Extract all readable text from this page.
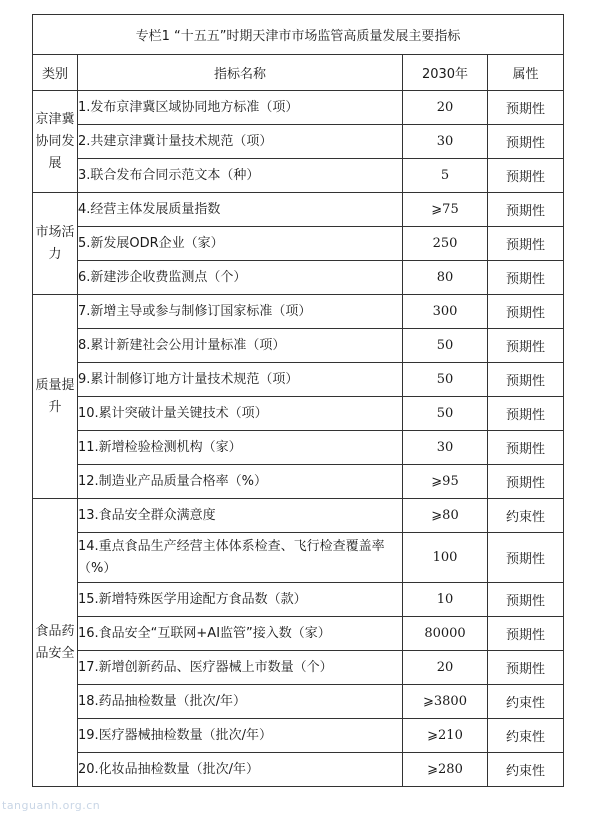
专栏1 “十五五”时期天津市市场监管高质量发展主要指标			
类别	指标名称	2030年	属性
京津冀协同发展	1.发布京津冀区域协同地方标准（项）	20	预期性
	2.共建京津冀计量技术规范（项）	30	预期性
	3.联合发布合同示范文本（种）	5	预期性
市场活力	4.经营主体发展质量指数	⩾75	预期性
	5.新发展ODR企业（家）	250	预期性
	6.新建涉企收费监测点（个）	80	预期性
质量提升	7.新增主导或参与制修订国家标准（项）	300	预期性
	8.累计新建社会公用计量标准（项）	50	预期性
	9.累计制修订地方计量技术规范（项）	50	预期性
	10.累计突破计量关键技术（项）	50	预期性
	11.新增检验检测机构（家）	30	预期性
	12.制造业产品质量合格率（%）	⩾95	预期性
食品药品安全	13.食品安全群众满意度	⩾80	约束性
	14.重点食品生产经营主体体系检查、飞行检查覆盖率（%）	100	预期性
	15.新增特殊医学用途配方食品数（款）	10	预期性
	16.食品安全“互联网+AI监管”接入数（家）	80000	预期性
	17.新增创新药品、医疗器械上市数量（个）	20	预期性
	18.药品抽检数量（批次/年）	⩾3800	约束性
	19.医疗器械抽检数量（批次/年）	⩾210	约束性
	20.化妆品抽检数量（批次/年）	⩾280	约束性
tanguanh.org.cn
